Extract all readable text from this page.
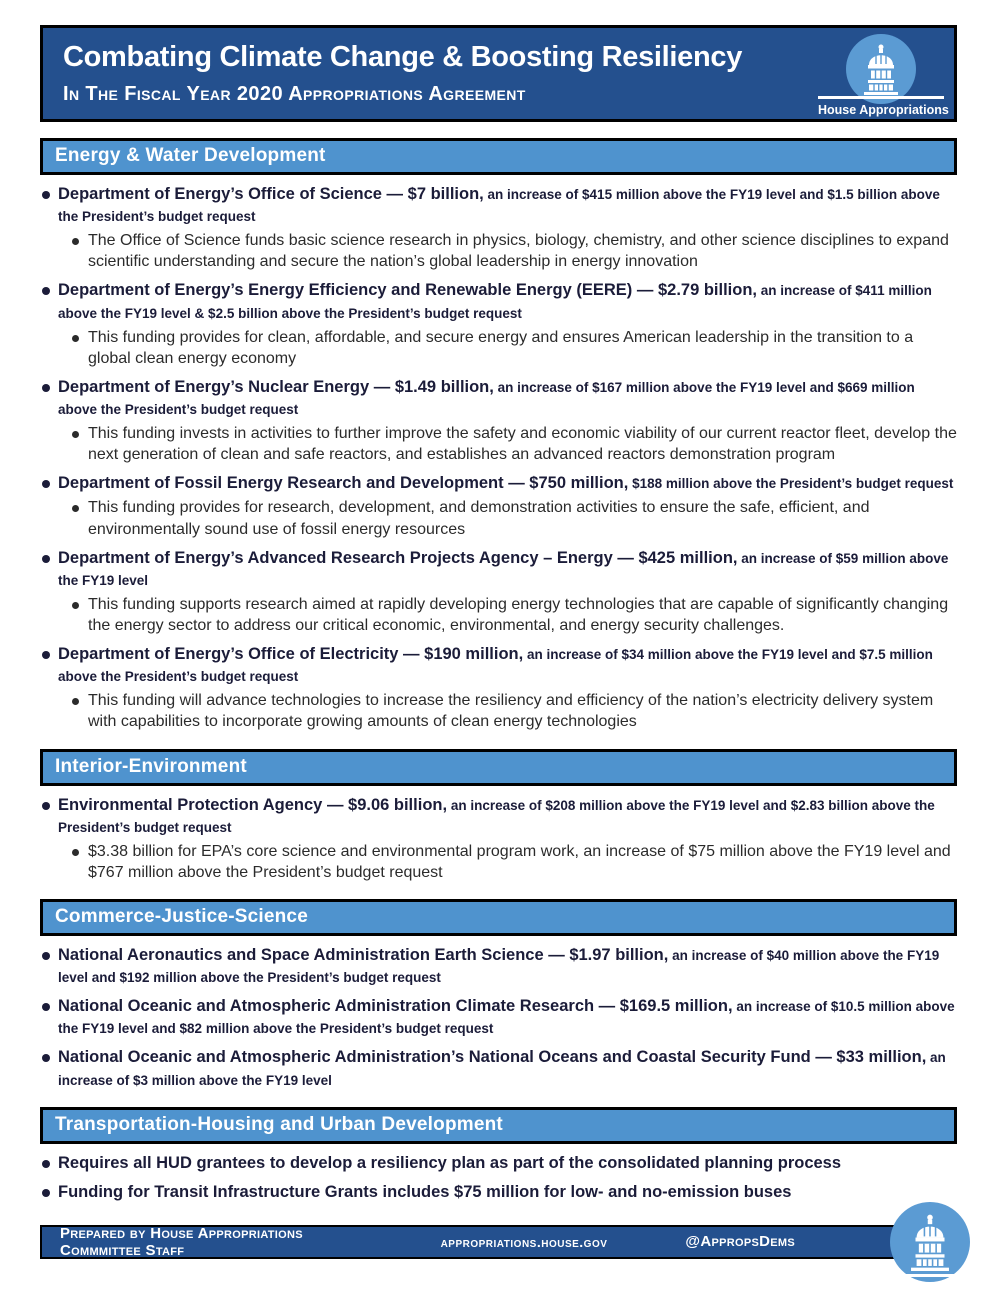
Combating Climate Change & Boosting Resiliency
In The Fiscal Year 2020 Appropriations Agreement
House Appropriations
Energy & Water Development
Department of Energy’s Office of Science — $7 billion, an increase of $415 million above the FY19 level and $1.5 billion above the President’s budget request
The Office of Science funds basic science research in physics, biology, chemistry, and other science disciplines to expand scientific understanding and secure the nation’s global leadership in energy innovation
Department of Energy’s Energy Efficiency and Renewable Energy (EERE) — $2.79 billion, an increase of $411 million above the FY19 level & $2.5 billion above the President’s budget request
This funding provides for clean, affordable, and secure energy and ensures American leadership in the transition to a global clean energy economy
Department of Energy’s Nuclear Energy — $1.49 billion, an increase of $167 million above the FY19 level and $669 million above the President’s budget request
This funding invests in activities to further improve the safety and economic viability of our current reactor fleet, develop the next generation of clean and safe reactors, and establishes an advanced reactors demonstration program
Department of Fossil Energy Research and Development — $750 million, $188 million above the President’s budget request
This funding provides for research, development, and demonstration activities to ensure the safe, efficient, and environmentally sound use of fossil energy resources
Department of Energy’s Advanced Research Projects Agency – Energy — $425 million, an increase of $59 million above the FY19 level
This funding supports research aimed at rapidly developing energy technologies that are capable of significantly changing the energy sector to address our critical economic, environmental, and energy security challenges.
Department of Energy’s Office of Electricity — $190 million, an increase of $34 million above the FY19 level and $7.5 million above the President’s budget request
This funding will advance technologies to increase the resiliency and efficiency of the nation’s electricity delivery system with capabilities to incorporate growing amounts of clean energy technologies
Interior-Environment
Environmental Protection Agency — $9.06 billion, an increase of $208 million above the FY19 level and $2.83 billion above the President’s budget request
$3.38 billion for EPA’s core science and environmental program work, an increase of $75 million above the FY19 level and $767 million above the President’s budget request
Commerce-Justice-Science
National Aeronautics and Space Administration Earth Science — $1.97 billion, an increase of $40 million above the FY19 level and $192 million above the President’s budget request
National Oceanic and Atmospheric Administration Climate Research — $169.5 million, an increase of $10.5 million above the FY19 level and $82 million above the President’s budget request
National Oceanic and Atmospheric Administration’s National Oceans and Coastal Security Fund — $33 million, an increase of $3 million above the FY19 level
Transportation-Housing and Urban Development
Requires all HUD grantees to develop a resiliency plan as part of the consolidated planning process
Funding for Transit Infrastructure Grants includes $75 million for low- and no-emission buses
Prepared by House Appropriations Commmittee Staff	appropriations.house.gov	@AppropsDems
House Appropriations
